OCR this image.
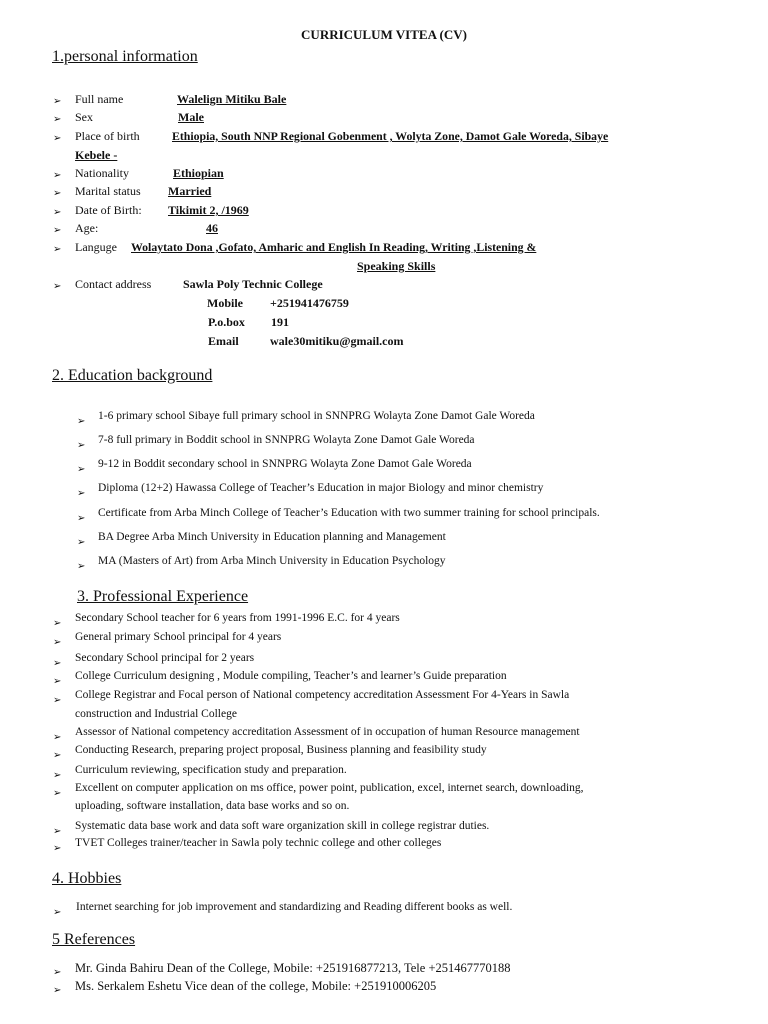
CURRICULUM VITEA (CV)
1.personal information
➢ Full name	Walelign Mitiku Bale
➢ Sex	Male
➢ Place of birth	Ethiopia, South NNP Regional Gobenment , Wolyta Zone, Damot Gale Woreda, Sibaye
Kebele -
➢ Nationality	Ethiopian
➢ Marital status Married
➢ Date of Birth: Tikimit 2, /1969
➢ Age:	46
➢ Languge Wolaytato Dona ,Gofato, Amharic and English In Reading, Writing ,Listening &
Speaking Skills
➢ Contact address	Sawla Poly Technic College
Mobile +251941476759
P.o.box 191
Email	wale30mitiku@gmail.com
2. Education background
➢ 1-6 primary school Sibaye full primary school in SNNPRG Wolayta Zone Damot Gale Woreda
➢ 7-8 full primary in Boddit school in SNNPRG Wolayta Zone Damot Gale Woreda
➢ 9-12 in Boddit secondary school in SNNPRG Wolayta Zone Damot Gale Woreda
➢ Diploma (12+2) Hawassa College of Teacher’s Education in major Biology and minor chemistry
➢ Certificate from Arba Minch College of Teacher’s Education with two summer training for school principals.
➢ BA Degree Arba Minch University in Education planning and Management
➢ MA (Masters of Art) from Arba Minch University in Education Psychology
3. Professional Experience
➢ Secondary School teacher for 6 years from 1991-1996 E.C. for 4 years
➢ General primary School principal for 4 years
➢ Secondary School principal for 2 years
➢ College Curriculum designing , Module compiling, Teacher’s and learner’s Guide preparation
➢ College Registrar and Focal person of National competency accreditation Assessment For 4-Years in Sawla
construction and Industrial College
➢ Assessor of National competency accreditation Assessment of in occupation of human Resource management
➢ Conducting Research, preparing project proposal, Business planning and feasibility study
➢ Curriculum reviewing, specification study and preparation.
➢ Excellent on computer application on ms office, power point, publication, excel, internet search, downloading,
uploading, software installation, data base works and so on.
➢ Systematic data base work and data soft ware organization skill in college registrar duties.
➢ TVET Colleges trainer/teacher in Sawla poly technic college and other colleges
4. Hobbies
➢ Internet searching for job improvement and standardizing and Reading different books as well.
5 References
➢ Mr. Ginda Bahiru Dean of the College, Mobile: +251916877213, Tele +251467770188
➢ Ms. Serkalem Eshetu Vice dean of the college, Mobile: +251910006205
